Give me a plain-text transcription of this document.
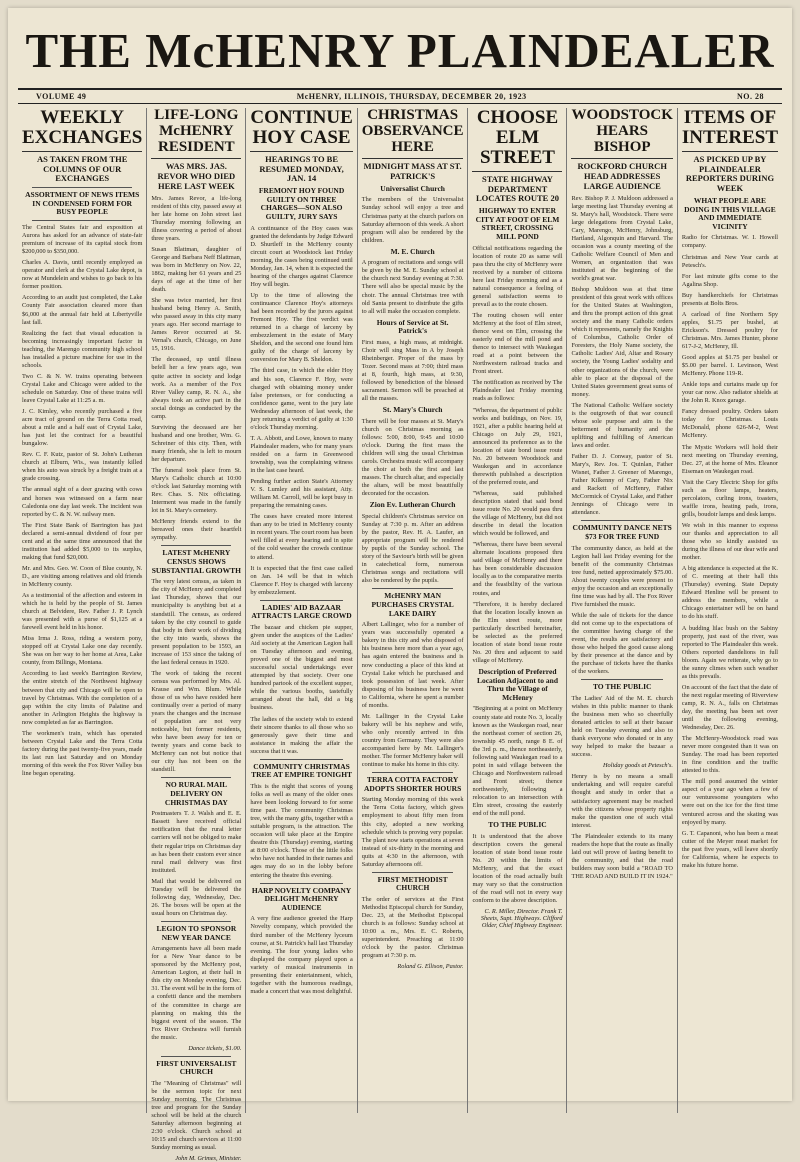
THE McHENRY PLAINDEALER
VOLUME 49	McHENRY, ILLINOIS, THURSDAY, DECEMBER 20, 1923	NO. 28
WEEKLY EXCHANGES
AS TAKEN FROM THE COLUMNS OF OUR EXCHANGES
ASSORTMENT OF NEWS ITEMS IN CONDENSED FORM FOR BUSY PEOPLE

The Central States fair and exposition at Aurora has asked for an advance of state-fair premium of increase of its capital stock from $200,000 to $350,000.

Charles A. Davis, until recently employed as operator and clerk at the Crystal Lake depot, is now at Mundelein and wishes to go back to his former position.

According to an audit just completed, the Lake County Fair association cleared more than $6,000 at the annual fair held at Libertyville last fall.

Realizing the fact that visual education is becoming increasingly important factor in teaching, the Marengo community high school has installed a picture machine for use in the schools.

Two C. & N. W. trains operating between Crystal Lake and Chicago were added to the schedule on Saturday. One of these trains will leave Crystal Lake at 11:25 a. m.

J. C. Kimley, who recently purchased a five acre tract of ground on the Terra Cotta road, about a mile and a half east of Crystal Lake, has just let the contract for a beautiful bungalow.

Rev. C. F. Kutz, pastor of St. John's Lutheran church at Elburn, Wis., was instantly killed when his auto was struck by a freight train at a grade crossing.

The annual sight of a deer grazing with cows and horses was witnessed on a farm near Caledonia one day last week. The incident was reported by C. & N. W. railway men.

The First State Bank of Barrington has just declared a semi-annual dividend of four per cent and at the same time announced that the institution had added $5,000 to its surplus, making that fund $20,000.

Mr. and Mrs. Geo. W. Coon of Blue county, N. D., are visiting among relatives and old friends in McHenry county.

As a testimonial of the affection and esteem in which he is held by the people of St. James church at Belvidere, Rev. Father J. P. Lynch was presented with a purse of $1,125 at a farewell event held in his honor.

Miss Irma J. Ross, riding a western pony, stopped off at Crystal Lake one day recently. She was on her way to her home at Area, Lake county, from Billings, Montana.

According to last week's Barrington Review, the entire stretch of the Northwest highway between that city and Chicago will be open to travel by Christmas. With the completion of a gap within the city limits of Palatine and another in Arlington Heights the highway is now completed as far as Barrington.

The workmen's train, which has operated between Crystal Lake and the Terra Cotta factory during the past twenty-five years, made its last run last Saturday and on Monday morning of this week the Fox River Valley bus line began operating.

LIFE-LONG McHENRY RESIDENT
WAS MRS. JAS. REVOR WHO DIED HERE LAST WEEK

Mrs. James Revor, a life-long resident of this city, passed away at her late home on John street last Thursday morning following an illness covering a period of about three years.

Susan Blattman, daughter of George and Barbara Neff Blattman, was born in McHenry on Nov. 22, 1862, making her 61 years and 25 days of age at the time of her death.

She was twice married, her first husband being Henry A. Smith, who passed away in this city many years ago. Her second marriage to James Revor occurred at St. Vernal's church, Chicago, on June 15, 1916.

The deceased, up until illness befell her a few years ago, was quite active in society and lodge work. As a member of the Fox River Valley camp, R. N. A., she always took an active part in the social doings as conducted by the camp.

Surviving the deceased are her husband and one brother, Wm. G. Schreiner of this city. Then, with many friends, she is left to mourn her departure.

The funeral took place from St. Mary's Catholic church at 10:00 o'clock last Saturday morning with Rev. Chas. S. Nix officiating. Interment was made in the family lot in St. Mary's cemetery.

McHenry friends extend to the bereaved ones their heartfelt sympathy.

LATEST McHENRY CENSUS SHOWS SUBSTANTIAL GROWTH

The very latest census, as taken in the city of McHenry and completed last Thursday, shows that our municipality is anything but at a standstill. The census, as ordered taken by the city council to guide that body in their work of dividing the city into wards, shows the present population to be 1593, an increase of 153 since the taking of the last federal census in 1920.

The work of taking the recent census was performed by Mrs. Al. Krause and Wm. Blum. While those of us who have resided here continually over a period of many years the changes and the increase of population are not very noticeable, but former residents, who have been away for ten or twenty years and come back to McHenry can not but notice that our city has not been on the standstill.

NO RURAL MAIL DELIVERY ON CHRISTMAS DAY

Postmasters T. J. Walsh and E. E. Bassett have received official notification that the rural letter carriers will not be obliged to make their regular trips on Christmas day as has been their custom ever since rural mail delivery was first instituted.

Mail that would be delivered on Tuesday will be delivered the following day, Wednesday, Dec. 26. The boxes will be open at the usual hours on Christmas day.

LEGION TO SPONSOR NEW YEAR DANCE

Arrangements have all been made for a New Year dance to be sponsored by the McHenry post, American Legion, at their hall in this city on Monday evening, Dec. 31. The event will be in the form of a confetti dance and the members of the committee in charge are planning on making this the biggest event of the season. The Fox River Orchestra will furnish the music.

Dance tickets, $1.00.

FIRST UNIVERSALIST CHURCH

The "Meaning of Christmas" will be the sermon topic for next Sunday morning. The Christmas tree and program for the Sunday school will be held at the church Saturday afternoon beginning at 2:30 o'clock. Church school at 10:15 and church services at 11:00 Sunday morning as usual.

John M. Grimes, Minister.

CONTINUE HOY CASE
HEARINGS TO BE RESUMED MONDAY, JAN. 14
FREMONT HOY FOUND GUILTY ON THREE CHARGES—SON ALSO GUILTY, JURY SAYS

A continuance of the Hoy cases was granted the defendants by Judge Edward D. Shurtleff in the McHenry county circuit court at Woodstock last Friday morning, the cases being continued until Monday, Jan. 14, when it is expected the hearing of the charges against Clarence Hoy will begin.

Up to the time of allowing the continuance Clarence Hoy's attorneys had been recorded by the jurors against Fremont Hoy. The first verdict was returned in a charge of larceny by embezzlement in the estate of Mary Sheldon, and the second one found him guilty of the charge of larceny by conversion for Mary B. Sheldon.

The third case, in which the elder Hoy and his son, Clarence F. Hoy, were charged with obtaining money under false pretenses, or for conducting a confidence game, went to the jury late Wednesday afternoon of last week, the jury returning a verdict of guilty at 1:30 o'clock Thursday morning.

T. A. Abbott, and Lowe, known to many Plaindealer readers, who for many years resided on a farm in Greenwood township, was the complaining witness in the last case heard.

Pending further action State's Attorney V. S. Lumley and his assistant, Atty. William M. Carroll, will be kept busy in preparing the remaining cases.

The cases have created more interest than any to be tried in McHenry county in recent years. The court room has been well filled at every hearing and in spite of the cold weather the crowds continue to attend.

It is expected that the first case called on Jan. 14 will be that in which Clarence F. Hoy is charged with larceny by embezzlement.

LADIES' AID BAZAAR ATTRACTS LARGE CROWD

The bazaar and chicken pie supper, given under the auspices of the Ladies' Aid society at the American Legion hall on Tuesday afternoon and evening, proved one of the biggest and most successful social undertakings ever attempted by that society. Over one hundred partook of the excellent supper, while the various booths, tastefully arranged about the hall, did a big business.

The ladies of the society wish to extend their sincere thanks to all those who so generously gave their time and assistance in making the affair the success that it was.

COMMUNITY CHRISTMAS TREE AT EMPIRE TONIGHT

This is the night that scores of young folks as well as many of the older ones have been looking forward to for some time past. The community Christmas tree, with the many gifts, together with a suitable program, is the attraction. The occasion will take place at the Empire theatre this (Thursday) evening, starting at 8:00 o'clock. Those of the little folks who have not handed in their names and ages may do so in the lobby before entering the theatre this evening.

HARP NOVELTY COMPANY DELIGHT McHENRY AUDIENCE

A very fine audience greeted the Harp Novelty company, which provided the third number of the McHenry lyceum course, at St. Patrick's hall last Thursday evening. The four young ladies who displayed the company played upon a variety of musical instruments in presenting their entertainment, which, together with the humorous readings, made a concert that was most delightful.

CHRISTMAS OBSERVANCE HERE
MIDNIGHT MASS AT ST. PATRICK'S
Universalist Church

The members of the Universalist Sunday school will enjoy a tree and Christmas party at the church parlors on Saturday afternoon of this week. A short program will also be rendered by the children.

M. E. Church

A program of recitations and songs will be given by the M. E. Sunday school at the church next Sunday evening at 7:30. There will also be special music by the choir. The annual Christmas tree with old Santa present to distribute the gifts to all will make the occasion complete.

Hours of Service at St. Patrick's

First mass, a high mass, at midnight. Choir will sing Mass in A by Joseph Rheinberger. Proper of the mass by Tozer. Second mass at 7:00; third mass at 8, fourth, high mass, at 9:30, followed by benediction of the blessed sacrament. Sermon will be preached at all the masses.

St. Mary's Church

There will be four masses at St. Mary's church on Christmas morning as follows: 5:00, 8:00, 9:45 and 10:00 o'clock. During the first mass the children will sing the usual Christmas carols. Orchestra music will accompany the choir at both the first and last masses. The church altar, and especially the altars, will be most beautifully decorated for the occasion.

Zion Ev. Lutheran Church

Special children's Christmas service on Sunday at 7:30 p. m. After an address by the pastor, Rev. H. A. Laufer, an appropriate program will be rendered by pupils of the Sunday school. The story of the Saviour's birth will be given in catechetical form, numerous Christmas songs and recitations will also be rendered by the pupils.

McHENRY MAN PURCHASES CRYSTAL LAKE DAIRY

Albert Lallinger, who for a number of years was successfully operated a bakery in this city and who disposed of his business here more than a year ago, has again entered the business and is now conducting a place of this kind at Crystal Lake which he purchased and took possession of last week. After disposing of his business here he went to California, where he spent a number of months.

Mr. Lallinger in the Crystal Lake bakery will be his nephew and wife, who only recently arrived in this country from Germany. They were also accompanied here by Mr. Lallinger's mother. The former McHenry baker will continue to make his home in this city.

TERRA COTTA FACTORY ADOPTS SHORTER HOURS

Starting Monday morning of this week the Terra Cotta factory, which gives employment to about fifty men from this city, adopted a new working schedule which is proving very popular. The plant now starts operations at seven instead of six-thirty in the morning and quits at 4:30 in the afternoon, with Saturday afternoons off.

FIRST METHODIST CHURCH

The order of services at the First Methodist Episcopal church for Sunday, Dec. 23, at the Methodist Episcopal church is as follows: Sunday school at 10:00 a. m., Mrs. E. C. Roberts, superintendent. Preaching at 11:00 o'clock by the pastor. Christmas program at 7:30 p. m.

Roland G. Ellison, Pastor.

CHOOSE ELM STREET
STATE HIGHWAY DEPARTMENT LOCATES ROUTE 20
HIGHWAY TO ENTER CITY AT FOOT OF ELM STREET, CROSSING MILL POND

Official notifications regarding the location of route 20 as same will pass thru the city of McHenry were received by a number of citizens here last Friday morning and as a natural consequence a feeling of general satisfaction seems to prevail as to the route chosen.

The routing chosen will enter McHenry at the foot of Elm street, thence west on Elm, crossing the easterly end of the mill pond and thence to intersect with Waukegan road at a point between the Northwestern railroad tracks and Front street.

The notification as received by The Plaindealer last Friday morning reads as follows:

"Whereas, the department of public works and buildings, on Nov. 19, 1921, after a public hearing held at Chicago on July 29, 1921, announced its preference as to the location of state bond issue route No. 20 between Woodstock and Waukegan and in accordance therewith published a description of the preferred route, and

"Whereas, said published description stated that said bond issue route No. 20 would pass thru the village of McHenry, but did not describe in detail the location which would be followed, and

"Whereas, there have been several alternate locations proposed thru said village of McHenry and there has been considerable discussion locally as to the comparative merits and the feasibility of the various routes, and

"Therefore, it is hereby declared that the location locally known as the Elm street route, more particularly described hereinafter, be selected as the preferred location of state bond issue route No. 20 thru and adjacent to said village of McHenry.

Description of Preferred Location Adjacent to and Thru the Village of McHenry

"Beginning at a point on McHenry county state aid route No. 3, locally known as the Waukegan road, near the northeast corner of section 26, township 45 north, range 8 E. of the 3rd p. m., thence northeasterly, following said Waukegan road to a point in said village between the Chicago and Northwestern railroad and Front street; thence northwesterly, following a relocation to an intersection with Elm street, crossing the easterly end of the mill pond.

TO THE PUBLIC

It is understood that the above description covers the general location of state bond issue route No. 20 within the limits of McHenry, and that the exact location of the road actually built may vary so that the construction of the road will not in every way conform to the above description.

C. R. Miller, Director. Frank T. Sheets, Supt. Highways. Clifford Older, Chief Highway Engineer.

WOODSTOCK HEARS BISHOP
ROCKFORD CHURCH HEAD ADDRESSES LARGE AUDIENCE

Rev. Bishop P. J. Muldoon addressed a large meeting last Thursday evening at St. Mary's hall, Woodstock. There were large delegations from Crystal Lake, Cary, Marengo, McHenry, Johnsburg, Hartland, Algonquin and Harvard. The occasion was a county meeting of the Catholic Welfare Council of Men and Women, an organization that was instituted at the beginning of the world's great war.

Bishop Muldoon was at that time president of this great work with offices for the United States at Washington, and thru the prompt action of this great society and the many Catholic orders which it represents, namely the Knights of Columbus, Catholic Order of Foresters, the Holy Name society, the Catholic Ladies' Aid, Altar and Rosary society, the Young Ladies' sodality and other organizations of the church, were able to place at the disposal of the United States government great sums of money.

The National Catholic Welfare society is the outgrowth of that war council whose sole purpose and aim is the betterment of humanity and the uplifting and fulfilling of American laws and order.

Father D. J. Conway, pastor of St. Mary's, Rev. Jos. T. Quinlan, Father Wisnet, Father J. Greener of Marengo, Father Kilkenny of Cary, Father Nix and Rackett of McHenry, Father McCormick of Crystal Lake, and Father Jennings of Chicago were in attendance.

COMMUNITY DANCE NETS $73 FOR TREE FUND

The community dance, as held at the Legion hall last Friday evening for the benefit of the community Christmas tree fund, netted approximately $75.00. About twenty couples were present to enjoy the occasion and an exceptionally fine time was had by all. The Fox River Five furnished the music.

While the sale of tickets for the dance did not come up to the expectations of the committee having charge of the event, the results are satisfactory and those who helped the good cause along by their presence at the dance and by the purchase of tickets have the thanks of the workers.

TO THE PUBLIC

The Ladies' Aid of the M. E. church wishes in this public manner to thank the business men who so cheerfully donated articles to sell at their bazaar held on Tuesday evening and also to thank everyone who donated or in any way helped to make the bazaar a success.

Holiday goods at Petesch's.

Henry is by no means a small undertaking and will require careful thought and study in order that a satisfactory agreement may be reached with the citizens whose property rights make the question one of such vital interest.

The Plaindealer extends to its many readers the hope that the route as finally laid out will prove of lasting benefit to the community, and that the road builders may soon build a "ROAD TO THE ROAD AND BUILD IT IN 1924."

ITEMS OF INTEREST
AS PICKED UP BY PLAINDEALER REPORTERS DURING WEEK
WHAT PEOPLE ARE DOING IN THIS VILLAGE AND IMMEDIATE VICINITY

Radio for Christmas. W. I. Howell company.

Christmas and New Year cards at Petesch's.

For last minute gifts come to the Agalina Shop.

Buy handkerchiefs for Christmas presents at Bolts Bros.

A carload of fine Northern Spy apples, $1.75 per bushel, at Erickson's. Dressed poultry for Christmas. Mrs. James Hunter, phone 617-J-2, McHenry, Ill.

Good apples at $1.75 per bushel or $5.00 per barrel. I. Levinson, West McHenry. Phone 119-R.

Ankle tops and curtains made up for your car now. Also radiator shields at the John R. Knox garage.

Fancy dressed poultry. Orders taken today for Christmas. Louis McDonald, phone 626-M-2, West McHenry.

The Mystic Workers will hold their next meeting on Thursday evening, Dec. 27, at the home of Mrs. Eleanor Eiseman on Waukegan road.

Visit the Cary Electric Shop for gifts such as floor lamps, heaters, percolators, curling irons, toasters, waffle irons, heating pads, irons, grills, boudoir lamps and desk lamps.

We wish in this manner to express our thanks and appreciation to all those who so kindly assisted us during the illness of our dear wife and mother.

A big attendance is expected at the K. of C. meeting at their hall this (Thursday) evening. State Deputy Edward Henline will be present to address the members, while a Chicago entertainer will be on hand to do his stuff.

A budding lilac bush on the Sabiny property, just east of the river, was reported to The Plaindealer this week. Others reported dandelions in full bloom. Again we reiterate, why go to the sunny climes when such weather as this prevails.

On account of the fact that the date of the next regular meeting of Riverview camp, R. N. A., falls on Christmas day, the meeting has been set over until the following evening, Wednesday, Dec. 26.

The McHenry-Woodstock road was never more congested than it was on Sunday. The road has been reported in fine condition and the traffic attested to this.

The mill pond assumed the winter aspect of a year ago when a few of our venturesome youngsters who were out on the ice for the first time ventured across and the skating was enjoyed by many.

G. T. Capanoni, who has been a meat cutter of the Meyer meat market for the past five years, will leave shortly for California, where he expects to make his future home.
